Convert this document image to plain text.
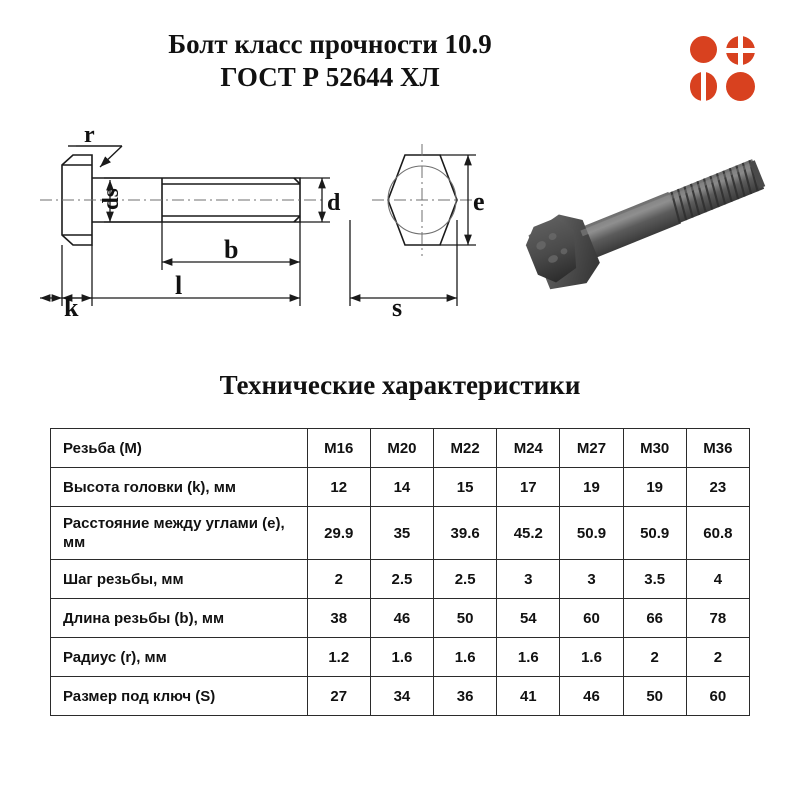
Болт класс прочности 10.9
ГОСТ Р 52644 ХЛ
r
ds	d
b
l
k
e
s
Технические характеристики
Резьба (M)	M16	M20	M22	M24	M27	M30	M36
Высота головки (k), мм	12	14	15	17	19	19	23
Расстояние между углами (e), мм	29.9	35	39.6	45.2	50.9	50.9	60.8
Шаг резьбы, мм	2	2.5	2.5	3	3	3.5	4
Длина резьбы (b), мм	38	46	50	54	60	66	78
Радиус (r), мм	1.2	1.6	1.6	1.6	1.6	2	2
Размер под ключ (S)	27	34	36	41	46	50	60
